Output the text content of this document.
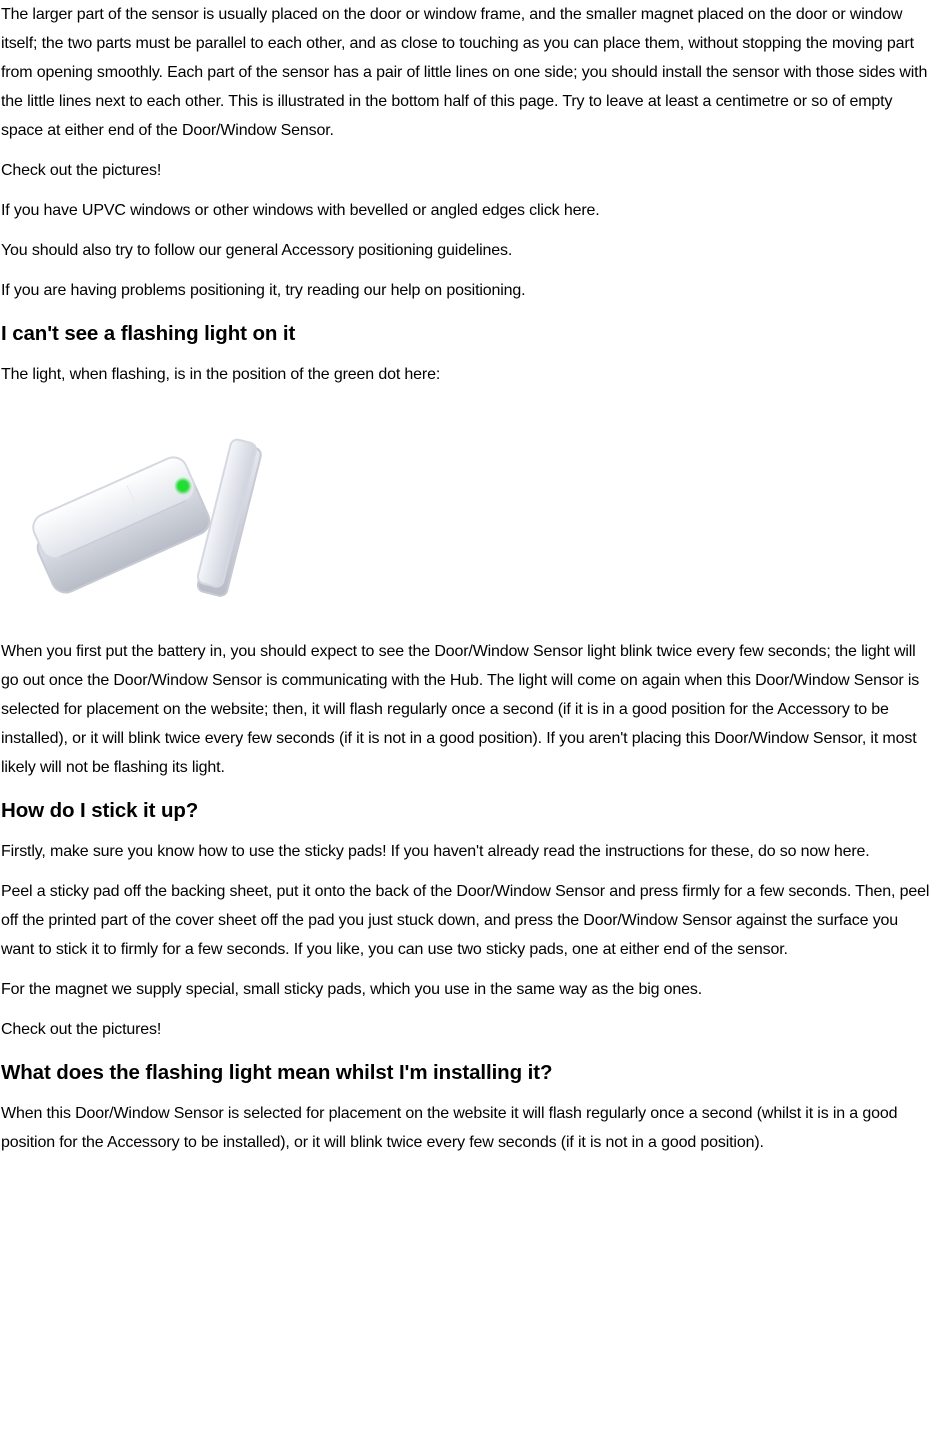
The larger part of the sensor is usually placed on the door or window frame, and the smaller magnet placed on the door or window itself; the two parts must be parallel to each other, and as close to touching as you can place them, without stopping the moving part from opening smoothly. Each part of the sensor has a pair of little lines on one side; you should install the sensor with those sides with the little lines next to each other. This is illustrated in the bottom half of this page. Try to leave at least a centimetre or so of empty space at either end of the Door/Window Sensor.

Check out the pictures!

If you have UPVC windows or other windows with bevelled or angled edges click here.

You should also try to follow our general Accessory positioning guidelines.

If you are having problems positioning it, try reading our help on positioning.

I can't see a flashing light on it

The light, when flashing, is in the position of the green dot here:

When you first put the battery in, you should expect to see the Door/Window Sensor light blink twice every few seconds; the light will go out once the Door/Window Sensor is communicating with the Hub. The light will come on again when this Door/Window Sensor is selected for placement on the website; then, it will flash regularly once a second (if it is in a good position for the Accessory to be installed), or it will blink twice every few seconds (if it is not in a good position). If you aren't placing this Door/Window Sensor, it most likely will not be flashing its light.

How do I stick it up?

Firstly, make sure you know how to use the sticky pads! If you haven't already read the instructions for these, do so now here.

Peel a sticky pad off the backing sheet, put it onto the back of the Door/Window Sensor and press firmly for a few seconds. Then, peel off the printed part of the cover sheet off the pad you just stuck down, and press the Door/Window Sensor against the surface you want to stick it to firmly for a few seconds. If you like, you can use two sticky pads, one at either end of the sensor.

For the magnet we supply special, small sticky pads, which you use in the same way as the big ones.

Check out the pictures!

What does the flashing light mean whilst I'm installing it?

When this Door/Window Sensor is selected for placement on the website it will flash regularly once a second (whilst it is in a good position for the Accessory to be installed), or it will blink twice every few seconds (if it is not in a good position).
